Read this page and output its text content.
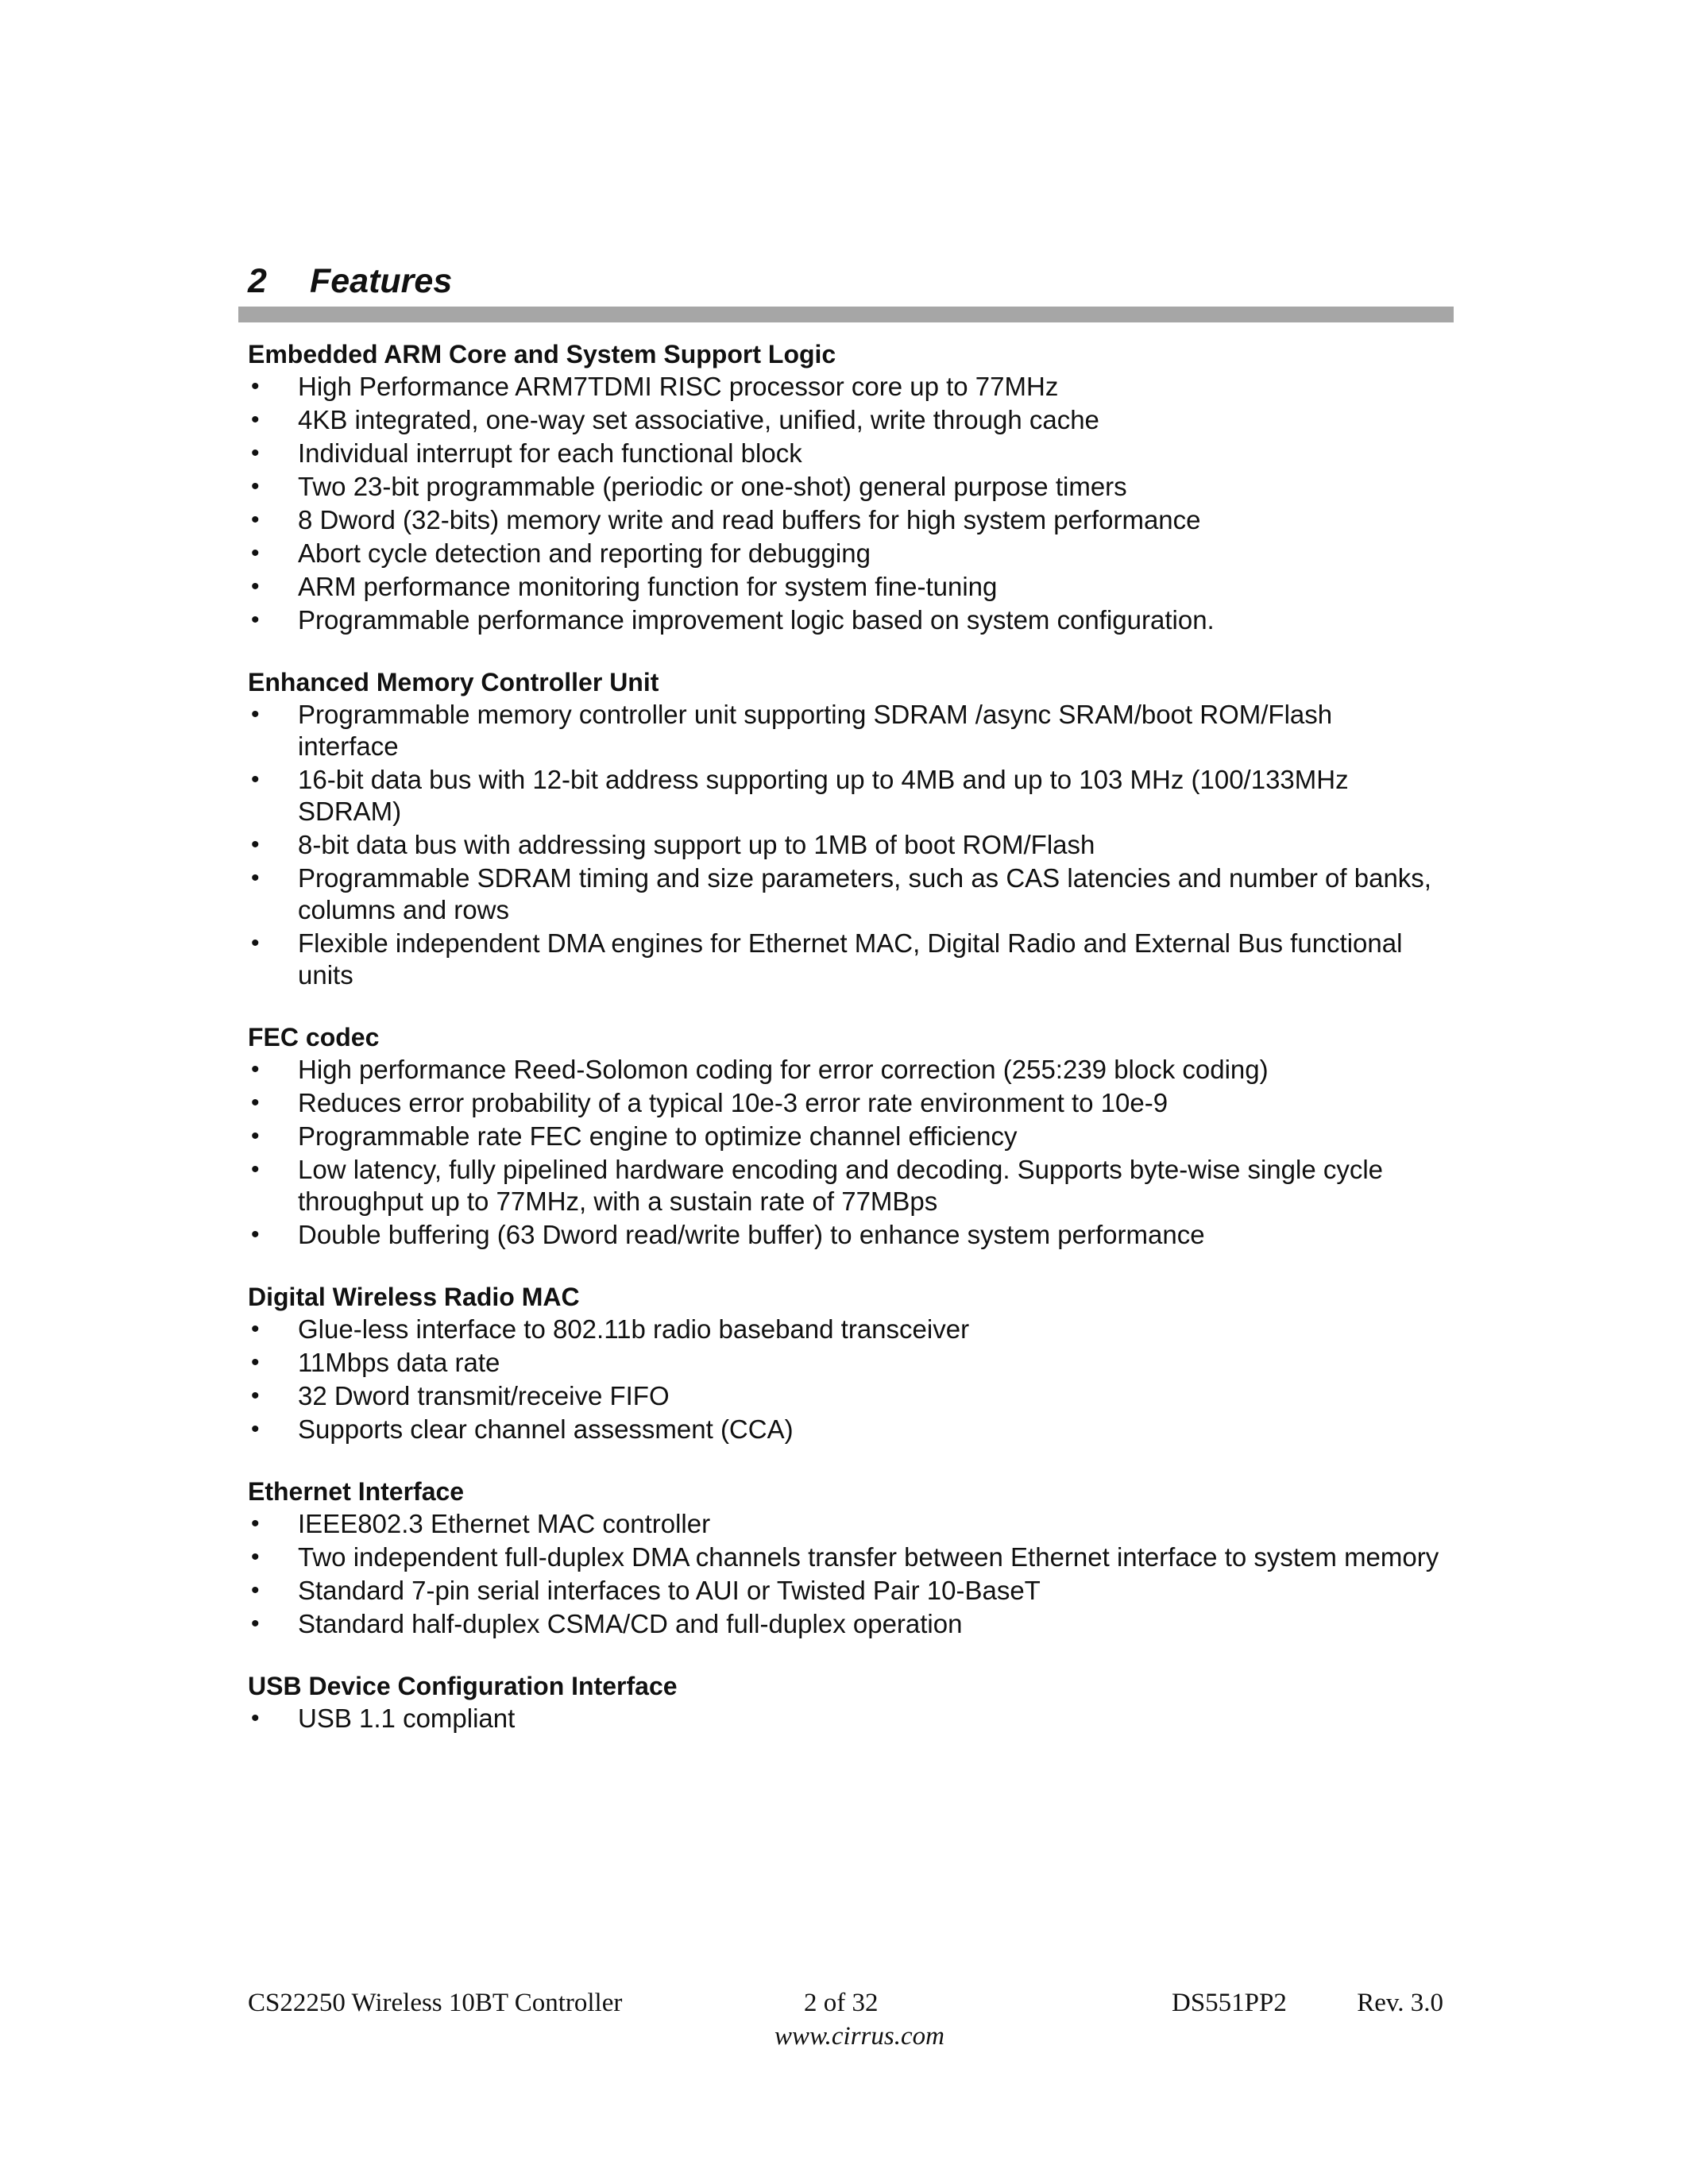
2 Features
Embedded ARM Core and System Support Logic
• High Performance ARM7TDMI RISC processor core up to 77MHz
• 4KB integrated, one-way set associative, unified, write through cache
• Individual interrupt for each functional block
• Two 23-bit programmable (periodic or one-shot) general purpose timers
• 8 Dword (32-bits) memory write and read buffers for high system performance
• Abort cycle detection and reporting for debugging
• ARM performance monitoring function for system fine-tuning
• Programmable performance improvement logic based on system configuration.
Enhanced Memory Controller Unit
• Programmable memory controller unit supporting SDRAM /async SRAM/boot ROM/Flash interface
• 16-bit data bus with 12-bit address supporting up to 4MB and up to 103 MHz (100/133MHz SDRAM)
• 8-bit data bus with addressing support up to 1MB of boot ROM/Flash
• Programmable SDRAM timing and size parameters, such as CAS latencies and number of banks, columns and rows
• Flexible independent DMA engines for Ethernet MAC, Digital Radio and External Bus functional units
FEC codec
• High performance Reed-Solomon coding for error correction (255:239 block coding)
• Reduces error probability of a typical 10e-3 error rate environment to 10e-9
• Programmable rate FEC engine to optimize channel efficiency
• Low latency, fully pipelined hardware encoding and decoding. Supports byte-wise single cycle throughput up to 77MHz, with a sustain rate of 77MBps
• Double buffering (63 Dword read/write buffer) to enhance system performance
Digital Wireless Radio MAC
• Glue-less interface to 802.11b radio baseband transceiver
• 11Mbps data rate
• 32 Dword transmit/receive FIFO
• Supports clear channel assessment (CCA)
Ethernet Interface
• IEEE802.3 Ethernet MAC controller
• Two independent full-duplex DMA channels transfer between Ethernet interface to system memory
• Standard 7-pin serial interfaces to AUI or Twisted Pair 10-BaseT
• Standard half-duplex CSMA/CD and full-duplex operation
USB Device Configuration Interface
• USB 1.1 compliant
CS22250 Wireless 10BT Controller	2 of 32	DS551PP2	Rev. 3.0
www.cirrus.com
